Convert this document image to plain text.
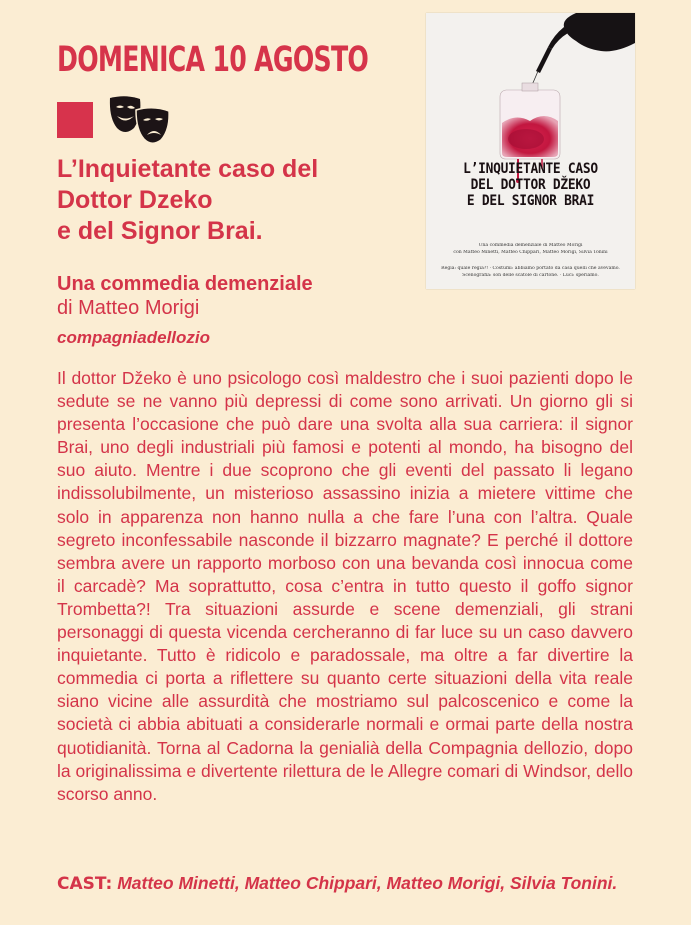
DOMENICA 10 AGOSTO
L’Inquietante caso del
Dottor Dzeko
e del Signor Brai.
Una commedia demenziale
di Matteo Morigi
compagniadellozio

Il dottor Džeko è uno psicologo così maldestro che i suoi pazienti dopo le sedute se ne vanno più depressi di come sono arrivati. Un giorno gli si presenta l’occasione che può dare una svolta alla sua carriera: il signor Brai, uno degli industriali più famosi e potenti al mondo, ha bisogno del suo aiuto. Mentre i due scoprono che gli eventi del passato li legano indissolubilmente, un misterioso assassino inizia a mietere vittime che solo in apparenza non hanno nulla a che fare l’una con l’altra. Quale segreto inconfessabile nasconde il bizzarro magnate? E perché il dottore sembra avere un rapporto morboso con una bevanda così innocua come il carcadè? Ma soprattutto, cosa c’entra in tutto questo il goffo signor Trombetta?! Tra situazioni assurde e scene demenziali, gli strani personaggi di questa vicenda cercheranno di far luce su un caso davvero inquietante. Tutto è ridicolo e paradossale, ma oltre a far divertire la commedia ci porta a riflettere su quanto certe situazioni della vita reale siano vicine alle assurdità che mostriamo sul palcoscenico e come la società ci abbia abituati a considerarle normali e ormai parte della nostra quotidianità. Torna al Cadorna la genialià della Compagnia dellozio, dopo la originalissima e divertente rilettura de le Allegre comari di Windsor, dello scorso anno.

CAST: Matteo Minetti, Matteo Chippari, Matteo Morigi, Silvia Tonini.

L’INQUIETANTE CASO
DEL DOTTOR DŽEKO
E DEL SIGNOR BRAI
Una commedia demenziale di Matteo Morigi
con Matteo Minetti, Matteo Chippari, Matteo Morigi, Silvia Tonini
Regia: quale regia?! · Costumi: abbiamo portato da casa quelli che avevamo.
Scenografia: son delle scatole di cartone. · Luci: speriamo.
